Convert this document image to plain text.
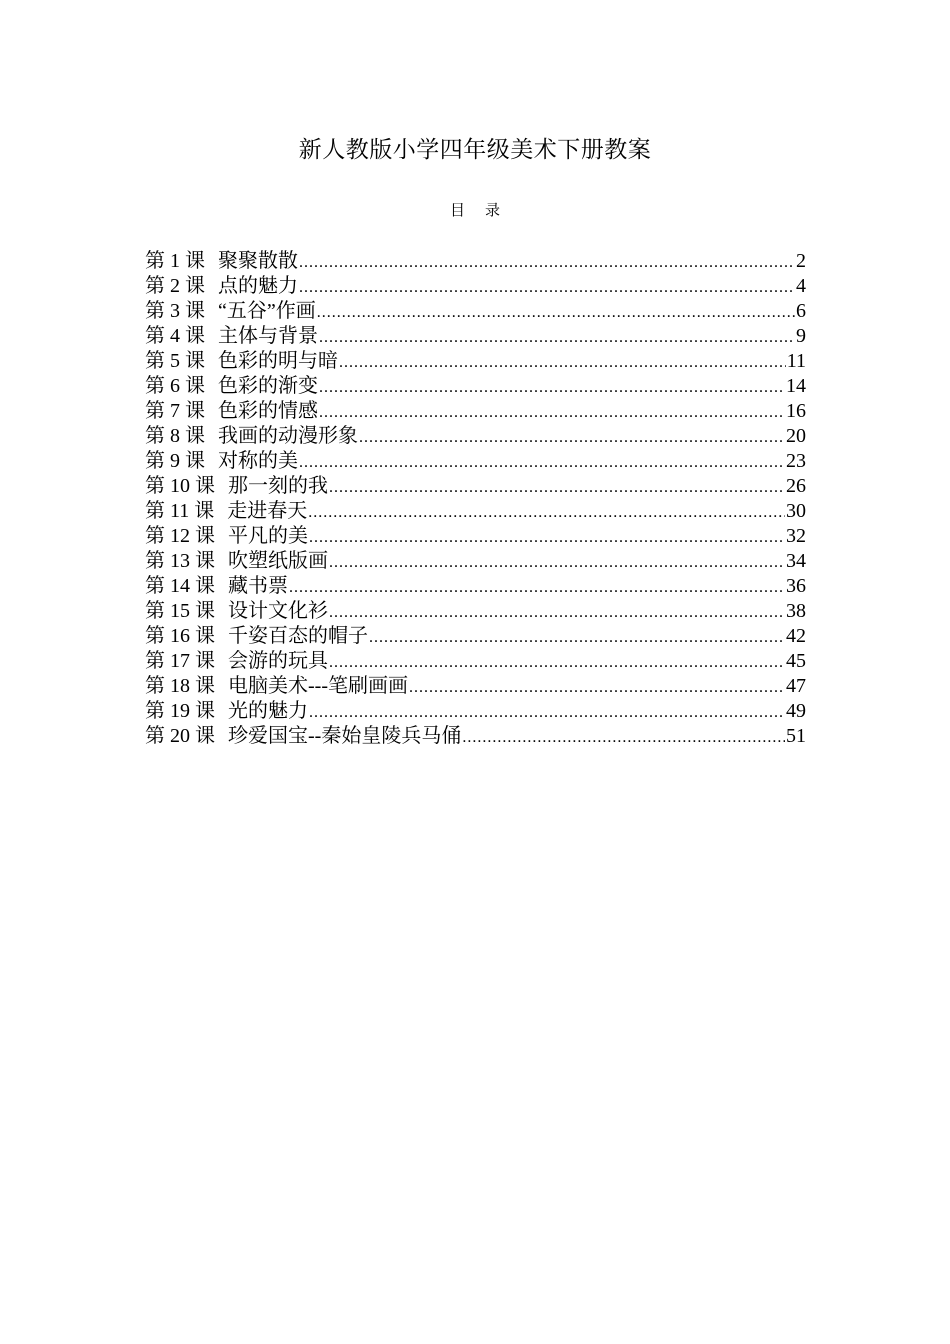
新人教版小学四年级美术下册教案
目录
第 1 课 聚聚散散 .....	2
第 2 课 点的魅力 .....	4
第 3 课 “五谷”作画 .....	6
第 4 课 主体与背景 .....	9
第 5 课 色彩的明与暗 .....	11
第 6 课 色彩的渐变 .....	14
第 7 课 色彩的情感 .....	16
第 8 课 我画的动漫形象 .....	20
第 9 课 对称的美 .....	23
第 10 课 那一刻的我 .....	26
第 11 课 走进春天 .....	30
第 12 课 平凡的美 .....	32
第 13 课 吹塑纸版画 .....	34
第 14 课 藏书票 .....	36
第 15 课 设计文化衫 .....	38
第 16 课 千姿百态的帽子 .....	42
第 17 课 会游的玩具 .....	45
第 18 课 电脑美术---笔刷画画 .....	47
第 19 课 光的魅力 .....	49
第 20 课 珍爱国宝--秦始皇陵兵马俑 .....	51
